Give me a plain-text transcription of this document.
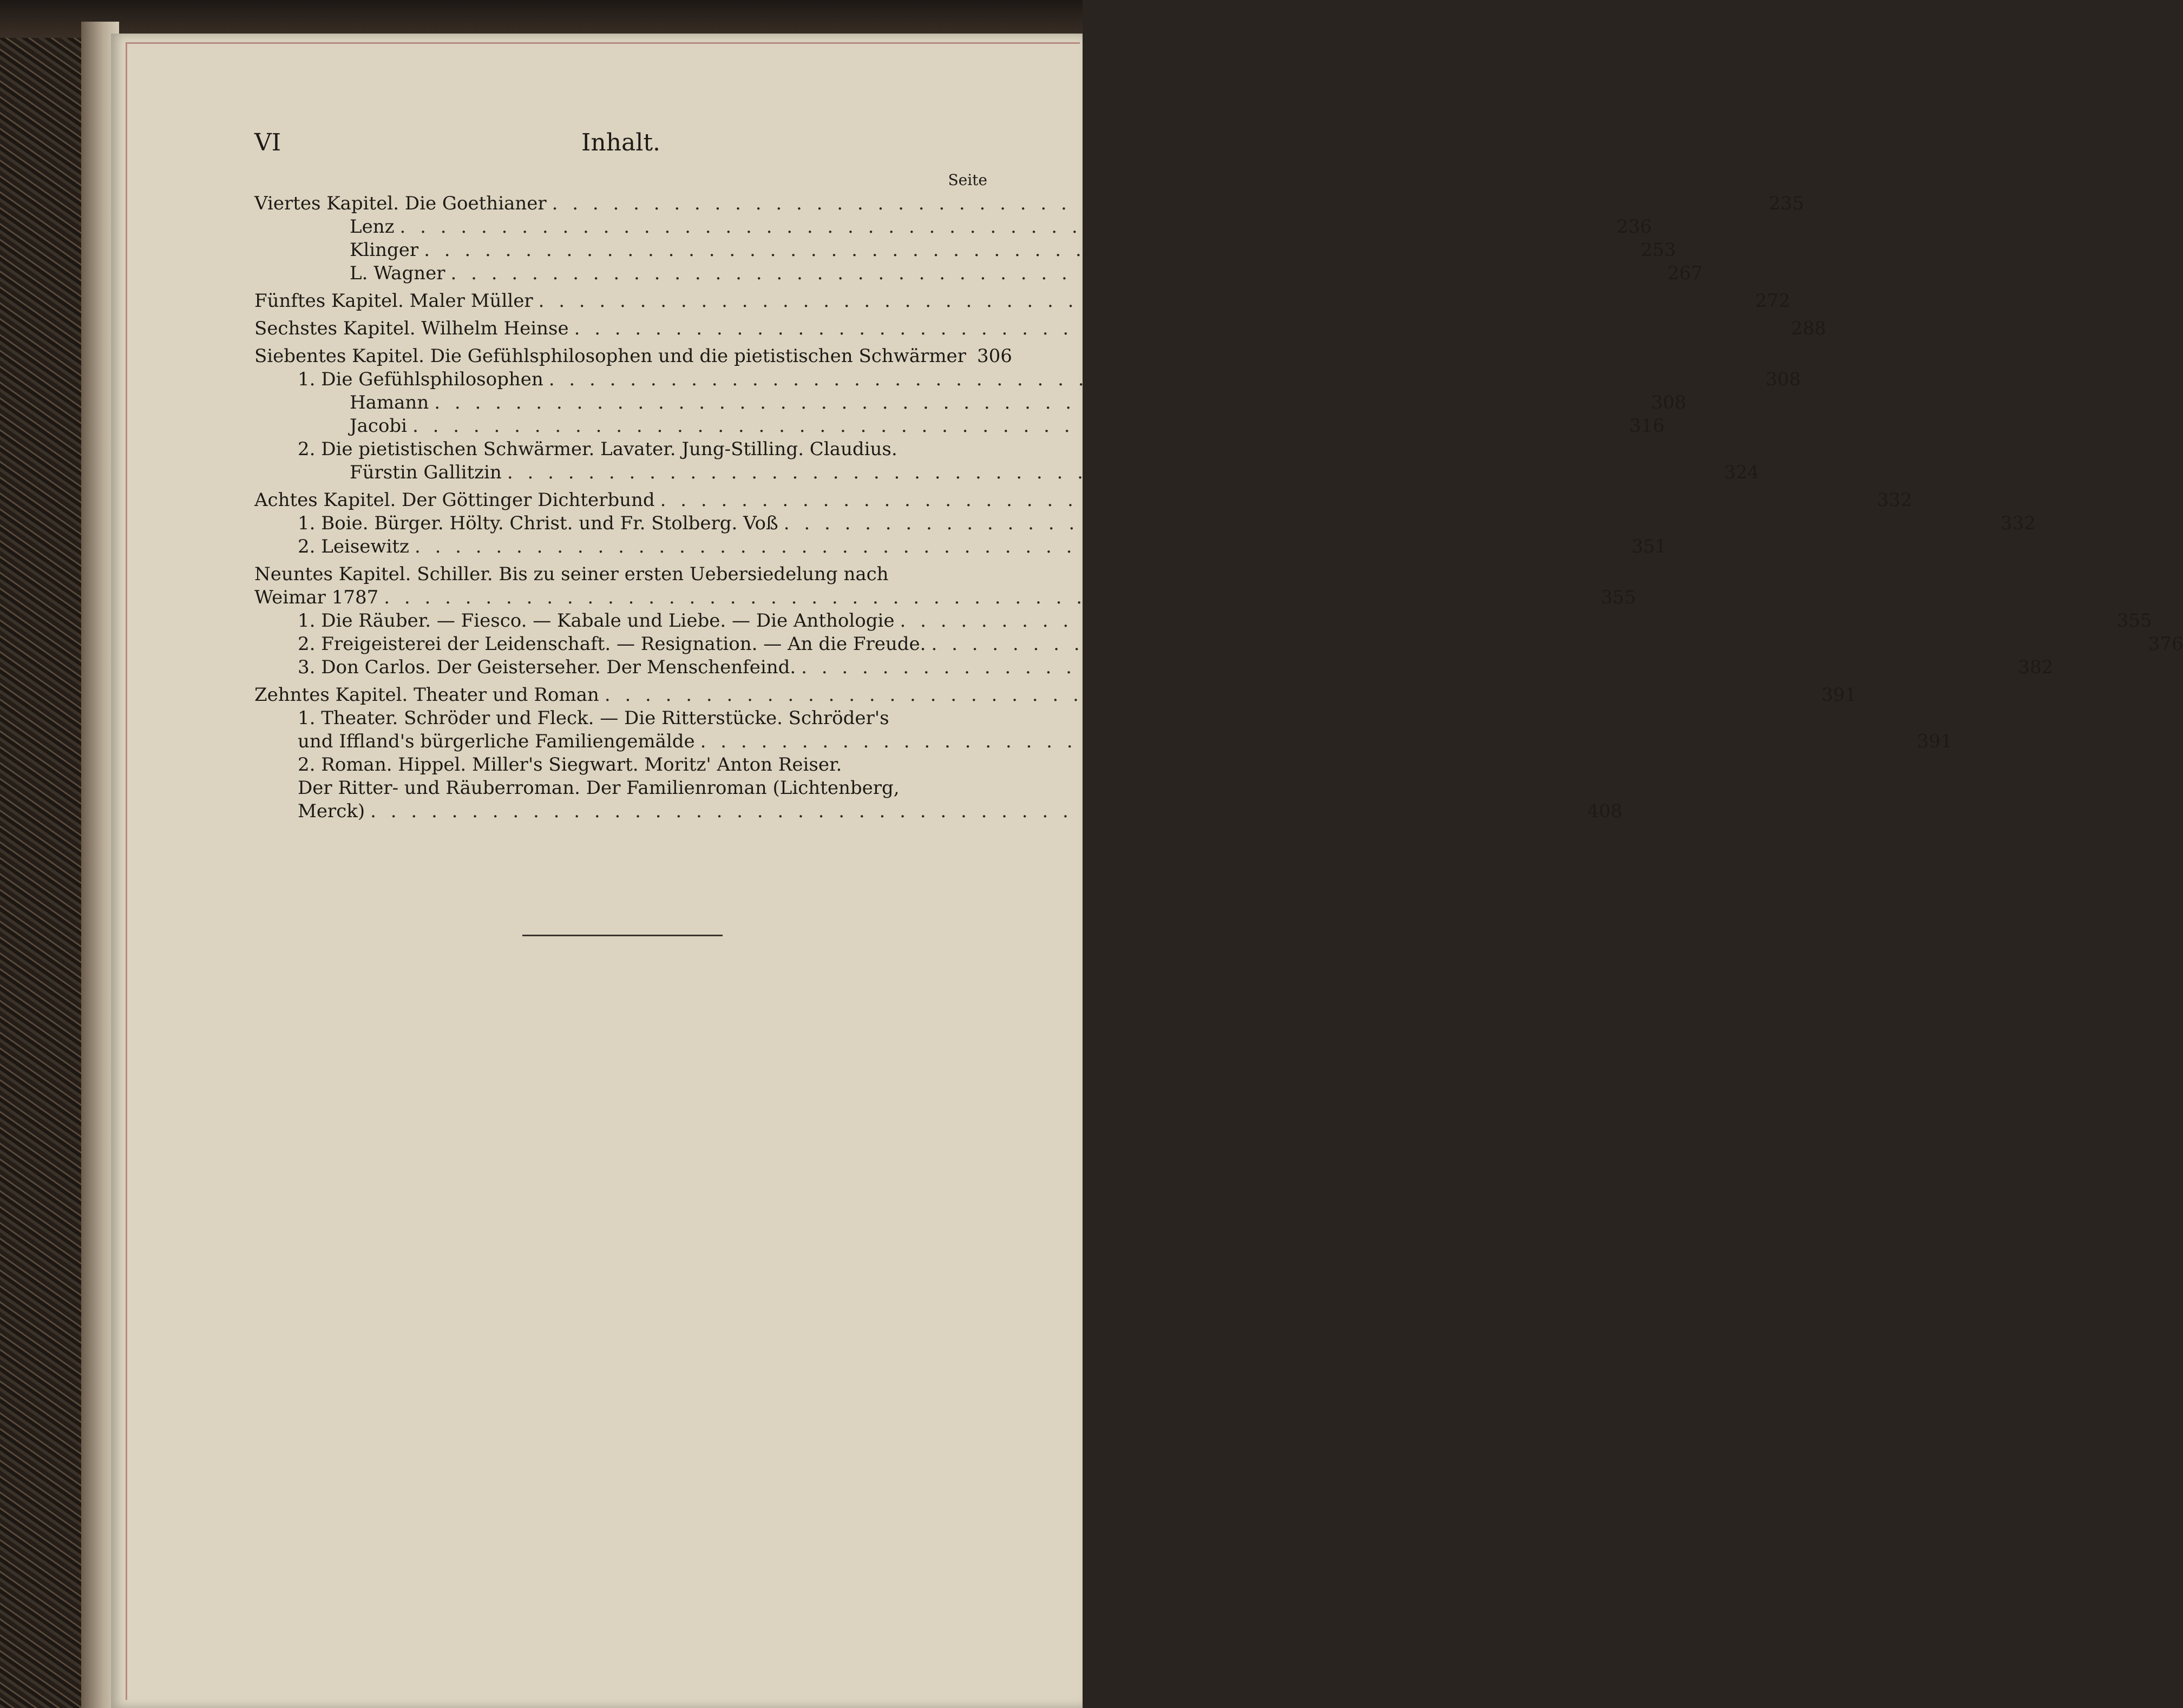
VI	Inhalt.
Seite
Viertes Kapitel. Die Goethianer . . . . . . . . . . . . . . . . . . . . . . . . . . . . . . . . . . . . . . . . . . . . . . . . . . . . . . . . . . . . 235
Lenz . . . . . . . . . . . . . . . . . . . . . . . . . . . . . . . . . . . . . . . . . . . . . . . . . . . . . . . . . . . . 236
Klinger . . . . . . . . . . . . . . . . . . . . . . . . . . . . . . . . . . . . . . . . . . . . . . . . . . . . . . . . . . . . 253
L. Wagner . . . . . . . . . . . . . . . . . . . . . . . . . . . . . . . . . . . . . . . . . . . . . . . . . . . . . . . . . . . . 267
Fünftes Kapitel. Maler Müller . . . . . . . . . . . . . . . . . . . . . . . . . . . . . . . . . . . . . . . . . . . . . . . . . . . . . . . . . . . . 272
Sechstes Kapitel. Wilhelm Heinse . . . . . . . . . . . . . . . . . . . . . . . . . . . . . . . . . . . . . . . . . . . . . . . . . . . . . . . . . . . . 288
Siebentes Kapitel. Die Gefühlsphilosophen und die pietistischen Schwärmer 306
1. Die Gefühlsphilosophen . . . . . . . . . . . . . . . . . . . . . . . . . . . . . . . . . . . . . . . . . . . . . . . . . . . . . . . . . . . . 308
Hamann . . . . . . . . . . . . . . . . . . . . . . . . . . . . . . . . . . . . . . . . . . . . . . . . . . . . . . . . . . . . 308
Jacobi . . . . . . . . . . . . . . . . . . . . . . . . . . . . . . . . . . . . . . . . . . . . . . . . . . . . . . . . . . . . 316
2. Die pietistischen Schwärmer. Lavater. Jung-Stilling. Claudius.
Fürstin Gallitzin . . . . . . . . . . . . . . . . . . . . . . . . . . . . . . . . . . . . . . . . . . . . . . . . . . . . . . . . . . . . 324
Achtes Kapitel. Der Göttinger Dichterbund . . . . . . . . . . . . . . . . . . . . . . . . . . . . . . . . . . . . . . . . . . . . . . . . . . . . . . . . . . . . 332
1. Boie. Bürger. Hölty. Christ. und Fr. Stolberg. Voß . . . . . . . . . . . . . . . . . . . . . . . . . . . . . . . . . . . . . . . . . . . . . . . . . . . . . . . . . . . . 332
2. Leisewitz . . . . . . . . . . . . . . . . . . . . . . . . . . . . . . . . . . . . . . . . . . . . . . . . . . . . . . . . . . . . 351
Neuntes Kapitel. Schiller. Bis zu seiner ersten Uebersiedelung nach
Weimar 1787 . . . . . . . . . . . . . . . . . . . . . . . . . . . . . . . . . . . . . . . . . . . . . . . . . . . . . . . . . . . . 355
1. Die Räuber. — Fiesco. — Kabale und Liebe. — Die Anthologie . . . . . . . . . . . . . . . . . . . . . . . . . . . . . . . . . . . . . . . . . . . . . . . . . . . . . . . . . . . . 355
2. Freigeisterei der Leidenschaft. — Resignation. — An die Freude. . . . . . . . . . . . . . . . . . . . . . . . . . . . . . . . . . . . . . . . . . . . . . . . . . . . . . . . . . . . . 376
3. Don Carlos. Der Geisterseher. Der Menschenfeind. . . . . . . . . . . . . . . . . . . . . . . . . . . . . . . . . . . . . . . . . . . . . . . . . . . . . . . . . . . . . 382
Zehntes Kapitel. Theater und Roman . . . . . . . . . . . . . . . . . . . . . . . . . . . . . . . . . . . . . . . . . . . . . . . . . . . . . . . . . . . . 391
1. Theater. Schröder und Fleck. — Die Ritterstücke. Schröder's
und Iffland's bürgerliche Familiengemälde . . . . . . . . . . . . . . . . . . . . . . . . . . . . . . . . . . . . . . . . . . . . . . . . . . . . . . . . . . . . 391
2. Roman. Hippel. Miller's Siegwart. Moritz' Anton Reiser.
Der Ritter- und Räuberroman. Der Familienroman (Lichtenberg,
Merck) . . . . . . . . . . . . . . . . . . . . . . . . . . . . . . . . . . . . . . . . . . . . . . . . . . . . . . . . . . . . 408
